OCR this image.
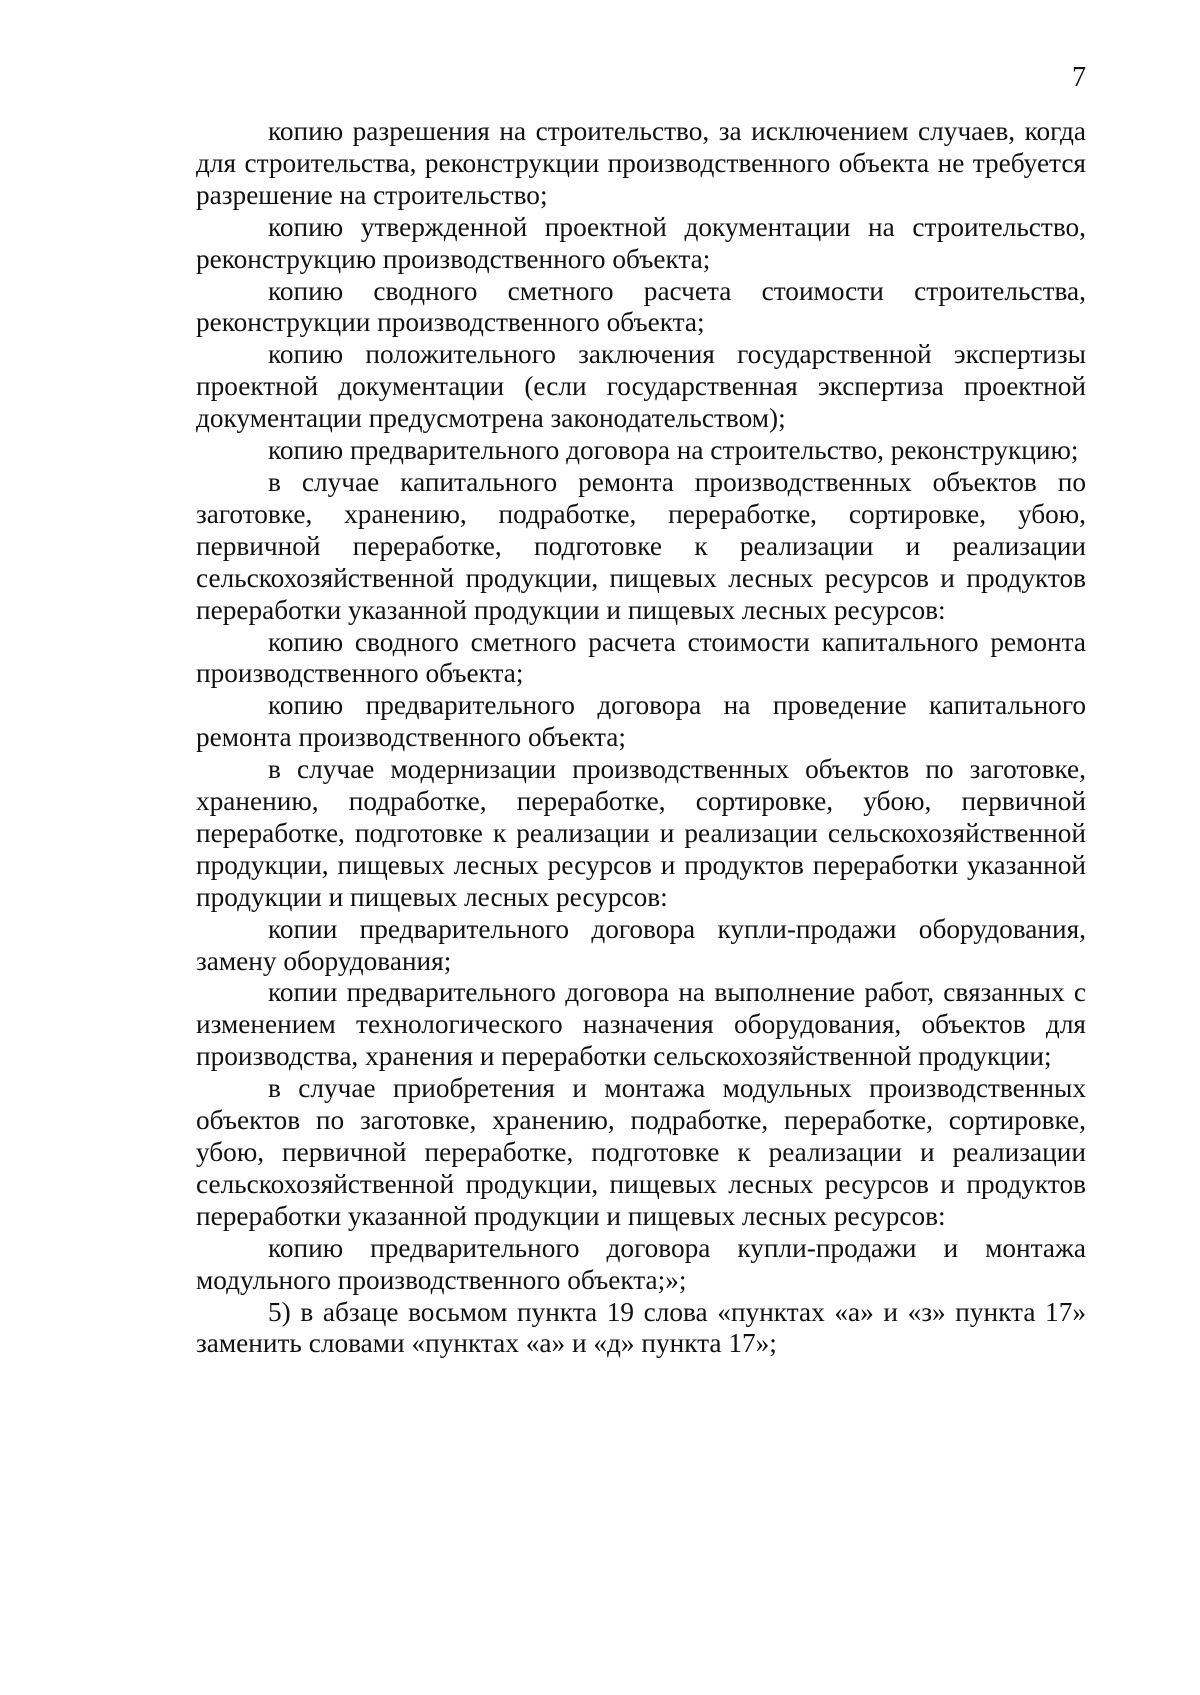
7

копию разрешения на строительство, за исключением случаев, когда для строительства, реконструкции производственного объекта не требуется разрешение на строительство;

копию утвержденной проектной документации на строительство, реконструкцию производственного объекта;

копию сводного сметного расчета стоимости строительства, реконструкции производственного объекта;

копию положительного заключения государственной экспертизы проектной документации (если государственная экспертиза проектной документации предусмотрена законодательством);

копию предварительного договора на строительство, реконструкцию;

в случае капитального ремонта производственных объектов по заготовке, хранению, подработке, переработке, сортировке, убою, первичной переработке, подготовке к реализации и реализации сельскохозяйственной продукции, пищевых лесных ресурсов и продуктов переработки указанной продукции и пищевых лесных ресурсов:

копию сводного сметного расчета стоимости капитального ремонта производственного объекта;

копию предварительного договора на проведение капитального ремонта производственного объекта;

в случае модернизации производственных объектов по заготовке, хранению, подработке, переработке, сортировке, убою, первичной переработке, подготовке к реализации и реализации сельскохозяйственной продукции, пищевых лесных ресурсов и продуктов переработки указанной продукции и пищевых лесных ресурсов:

копии предварительного договора купли-продажи оборудования, замену оборудования;

копии предварительного договора на выполнение работ, связанных с изменением технологического назначения оборудования, объектов для производства, хранения и переработки сельскохозяйственной продукции;

в случае приобретения и монтажа модульных производственных объектов по заготовке, хранению, подработке, переработке, сортировке, убою, первичной переработке, подготовке к реализации и реализации сельскохозяйственной продукции, пищевых лесных ресурсов и продуктов переработки указанной продукции и пищевых лесных ресурсов:

копию предварительного договора купли-продажи и монтажа модульного производственного объекта;»;

5) в абзаце восьмом пункта 19 слова «пунктах «а» и «з» пункта 17» заменить словами «пунктах «а» и «д» пункта 17»;
